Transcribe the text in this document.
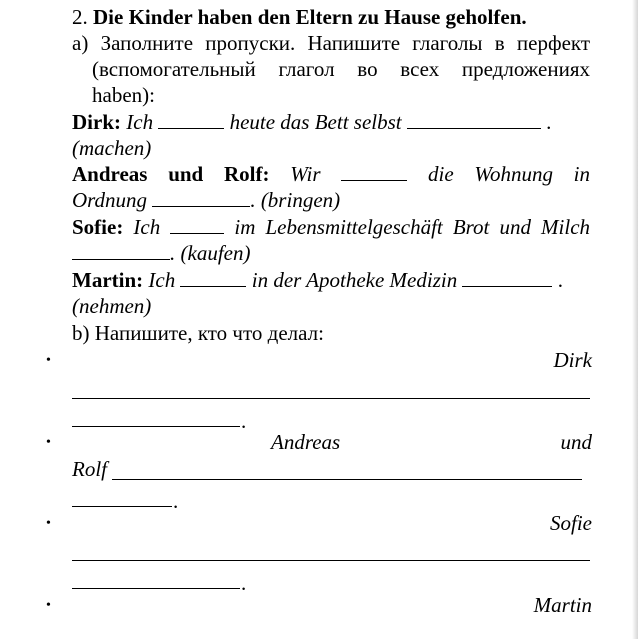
2. Die Kinder haben den Eltern zu Hause geholfen.
a) Заполните пропуски. Напишите глаголы в перфект
(вспомогательный глагол во всех предложениях
haben):
Dirk: Ich	heute das Bett selbst	.
(machen)
Andreas und Rolf: Wir	die Wohnung in
Ordnung	. (bringen)
Sofie: Ich	im Lebensmittelgeschäft Brot und Milch
. (kaufen)
Martin: Ich	in der Apotheke Medizin	.
(nehmen)
b) Напишите, кто что делал:
•	Dirk
.
•	Andreas	und
Rolf
.
•	Sofie
.
•	Martin
